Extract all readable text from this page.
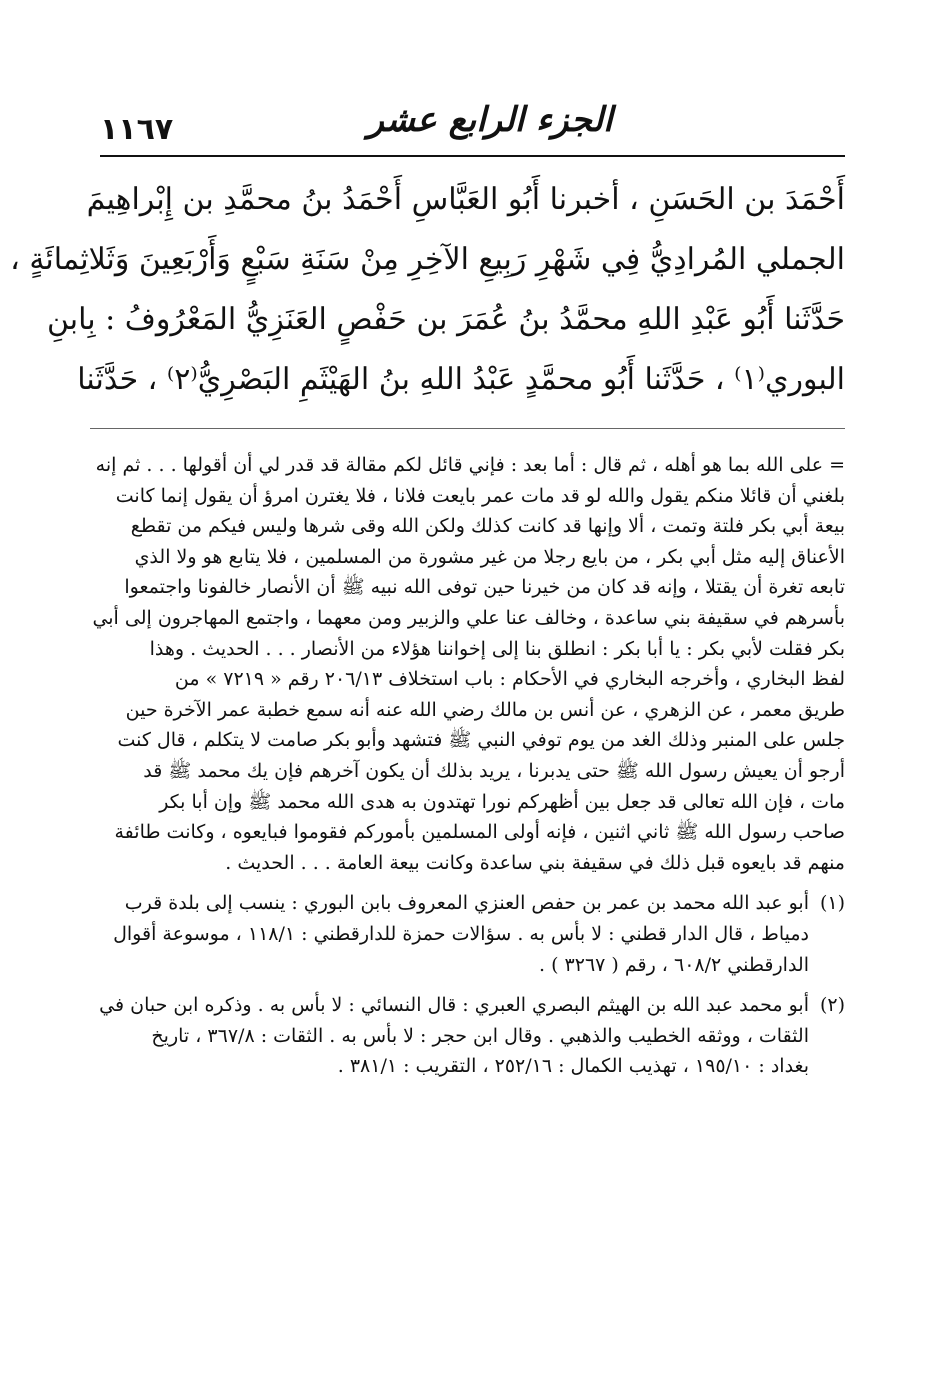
١١٦٧	الجزء الرابع عشر
أَحْمَدَ بن الحَسَنِ ، أخبرنا أَبُو العَبَّاسِ أَحْمَدُ بنُ محمَّدِ بن إِبْراهِيمَ
الجملي المُرادِيُّ فِي شَهْرِ رَبِيعِ الآخِرِ مِنْ سَنَةِ سَبْعٍ وَأَرْبَعِينَ وَثَلاثِمائَةٍ ،
حَدَّثَنا أَبُو عَبْدِ اللهِ محمَّدُ بنُ عُمَرَ بن حَفْصٍ العَنَزِيُّ المَعْرُوفُ : بِابنِ
البوري⁽١⁾ ، حَدَّثَنا أَبُو محمَّدٍ عَبْدُ اللهِ بنُ الهَيْثَمِ البَصْرِيُّ⁽٢⁾ ، حَدَّثَنا
= على الله بما هو أهله ، ثم قال : أما بعد : فإني قائل لكم مقالة قد قدر لي أن أقولها . . . ثم إنه
بلغني أن قائلا منكم يقول والله لو قد مات عمر بايعت فلانا ، فلا يغترن امرؤ أن يقول إنما كانت
بيعة أبي بكر فلتة وتمت ، ألا وإنها قد كانت كذلك ولكن الله وقى شرها وليس فيكم من تقطع
الأعناق إليه مثل أبي بكر ، من بايع رجلا من غير مشورة من المسلمين ، فلا يتابع هو ولا الذي
تابعه تغرة أن يقتلا ، وإنه قد كان من خيرنا حين توفى الله نبيه ﷺ أن الأنصار خالفونا واجتمعوا
بأسرهم في سقيفة بني ساعدة ، وخالف عنا علي والزبير ومن معهما ، واجتمع المهاجرون إلى أبي
بكر فقلت لأبي بكر : يا أبا بكر : انطلق بنا إلى إخواننا هؤلاء من الأنصار . . . الحديث . وهذا
لفظ البخاري ، وأخرجه البخاري في الأحكام : باب استخلاف ٢٠٦/١٣ رقم « ٧٢١٩ » من
طريق معمر ، عن الزهري ، عن أنس بن مالك رضي الله عنه أنه سمع خطبة عمر الآخرة حين
جلس على المنبر وذلك الغد من يوم توفي النبي ﷺ فتشهد وأبو بكر صامت لا يتكلم ، قال كنت
أرجو أن يعيش رسول الله ﷺ حتى يدبرنا ، يريد بذلك أن يكون آخرهم فإن يك محمد ﷺ قد
مات ، فإن الله تعالى قد جعل بين أظهركم نورا تهتدون به هدى الله محمد ﷺ وإن أبا بكر
صاحب رسول الله ﷺ ثاني اثنين ، فإنه أولى المسلمين بأموركم فقوموا فبايعوه ، وكانت طائفة
منهم قد بايعوه قبل ذلك في سقيفة بني ساعدة وكانت بيعة العامة . . . الحديث .
(١)
أبو عبد الله محمد بن عمر بن حفص العنزي المعروف بابن البوري : ينسب إلى بلدة قرب
دمياط ، قال الدار قطني : لا بأس به . سؤالات حمزة للدارقطني : ١١٨/١ ، موسوعة أقوال
الدارقطني ٦٠٨/٢ ، رقم ( ٣٢٦٧ ) .
(٢)
أبو محمد عبد الله بن الهيثم البصري العبري : قال النسائي : لا بأس به . وذكره ابن حبان في
الثقات ، ووثقه الخطيب والذهبي . وقال ابن حجر : لا بأس به . الثقات : ٣٦٧/٨ ، تاريخ
بغداد : ١٩٥/١٠ ، تهذيب الكمال : ٢٥٢/١٦ ، التقريب : ٣٨١/١ .
